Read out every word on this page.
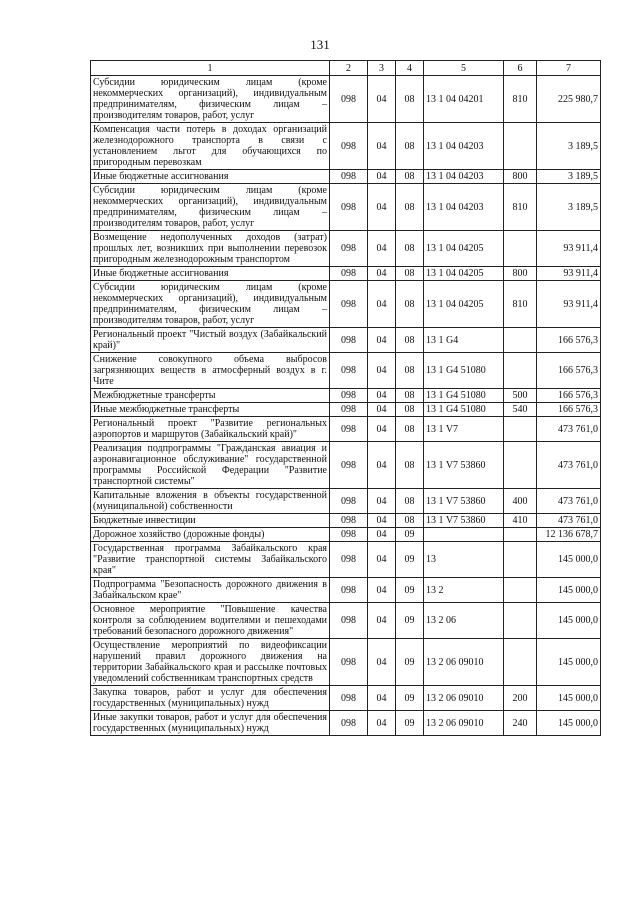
131
1	2	3	4	5	6	7
Субсидии юридическим лицам (кроме некоммерческих организаций), индивидуальным предпринимателям, физическим лицам – производителям товаров, работ, услуг	098	04	08	13 1 04 04201	810	225 980,7
Компенсация части потерь в доходах организаций железнодорожного транспорта в связи с установлением льгот для обучающихся по пригородным перевозкам	098	04	08	13 1 04 04203		3 189,5
Иные бюджетные ассигнования	098	04	08	13 1 04 04203	800	3 189,5
Субсидии юридическим лицам (кроме некоммерческих организаций), индивидуальным предпринимателям, физическим лицам – производителям товаров, работ, услуг	098	04	08	13 1 04 04203	810	3 189,5
Возмещение недополученных доходов (затрат) прошлых лет, возникших при выполнении перевозок пригородным железнодорожным транспортом	098	04	08	13 1 04 04205		93 911,4
Иные бюджетные ассигнования	098	04	08	13 1 04 04205	800	93 911,4
Субсидии юридическим лицам (кроме некоммерческих организаций), индивидуальным предпринимателям, физическим лицам – производителям товаров, работ, услуг	098	04	08	13 1 04 04205	810	93 911,4
Региональный проект "Чистый воздух (Забайкальский край)"	098	04	08	13 1 G4		166 576,3
Снижение совокупного объема выбросов загрязняющих веществ в атмосферный воздух в г. Чите	098	04	08	13 1 G4 51080		166 576,3
Межбюджетные трансферты	098	04	08	13 1 G4 51080	500	166 576,3
Иные межбюджетные трансферты	098	04	08	13 1 G4 51080	540	166 576,3
Региональный проект "Развитие региональных аэропортов и маршрутов (Забайкальский край)"	098	04	08	13 1 V7		473 761,0
Реализация подпрограммы "Гражданская авиация и аэронавигационное обслуживание" государственной программы Российской Федерации "Развитие транспортной системы"	098	04	08	13 1 V7 53860		473 761,0
Капитальные вложения в объекты государственной (муниципальной) собственности	098	04	08	13 1 V7 53860	400	473 761,0
Бюджетные инвестиции	098	04	08	13 1 V7 53860	410	473 761,0
Дорожное хозяйство (дорожные фонды)	098	04	09			12 136 678,7
Государственная программа Забайкальского края "Развитие транспортной системы Забайкальского края"	098	04	09	13		145 000,0
Подпрограмма "Безопасность дорожного движения в Забайкальском крае"	098	04	09	13 2		145 000,0
Основное мероприятие "Повышение качества контроля за соблюдением водителями и пешеходами требований безопасного дорожного движения"	098	04	09	13 2 06		145 000,0
Осуществление мероприятий по видеофиксации нарушений правил дорожного движения на территории Забайкальского края и рассылке почтовых уведомлений собственникам транспортных средств	098	04	09	13 2 06 09010		145 000,0
Закупка товаров, работ и услуг для обеспечения государственных (муниципальных) нужд	098	04	09	13 2 06 09010	200	145 000,0
Иные закупки товаров, работ и услуг для обеспечения государственных (муниципальных) нужд	098	04	09	13 2 06 09010	240	145 000,0
